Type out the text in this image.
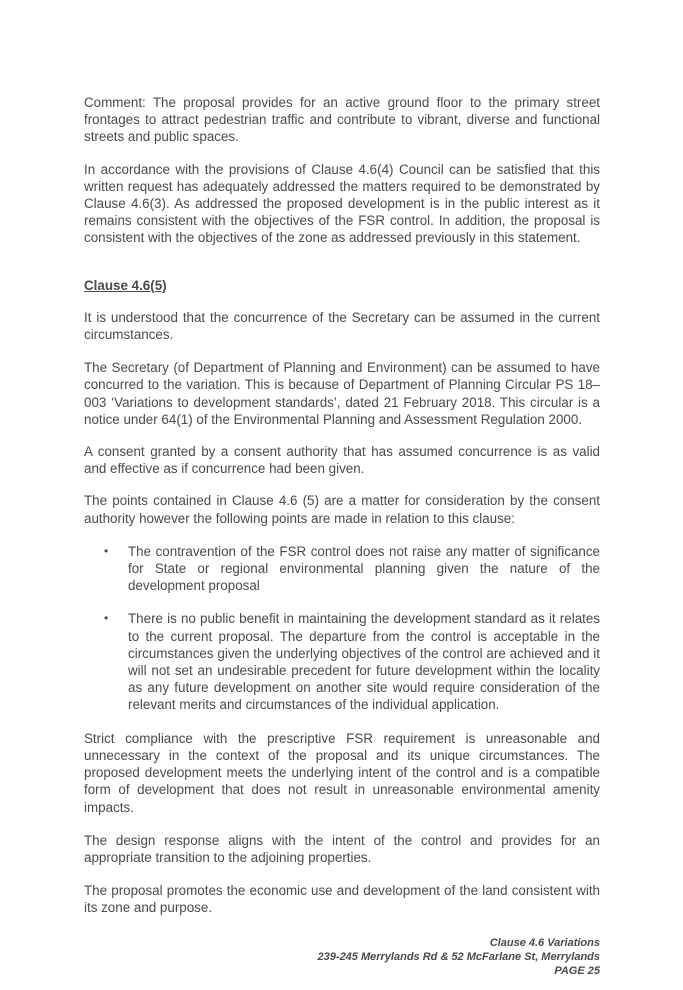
Comment: The proposal provides for an active ground floor to the primary street frontages to attract pedestrian traffic and contribute to vibrant, diverse and functional streets and public spaces.

In accordance with the provisions of Clause 4.6(4) Council can be satisfied that this written request has adequately addressed the matters required to be demonstrated by Clause 4.6(3). As addressed the proposed development is in the public interest as it remains consistent with the objectives of the FSR control. In addition, the proposal is consistent with the objectives of the zone as addressed previously in this statement.

Clause 4.6(5)

It is understood that the concurrence of the Secretary can be assumed in the current circumstances.

The Secretary (of Department of Planning and Environment) can be assumed to have concurred to the variation. This is because of Department of Planning Circular PS 18–003 ‘Variations to development standards’, dated 21 February 2018. This circular is a notice under 64(1) of the Environmental Planning and Assessment Regulation 2000.

A consent granted by a consent authority that has assumed concurrence is as valid and effective as if concurrence had been given.

The points contained in Clause 4.6 (5) are a matter for consideration by the consent authority however the following points are made in relation to this clause:

• The contravention of the FSR control does not raise any matter of significance for State or regional environmental planning given the nature of the development proposal

• There is no public benefit in maintaining the development standard as it relates to the current proposal. The departure from the control is acceptable in the circumstances given the underlying objectives of the control are achieved and it will not set an undesirable precedent for future development within the locality as any future development on another site would require consideration of the relevant merits and circumstances of the individual application.

Strict compliance with the prescriptive FSR requirement is unreasonable and unnecessary in the context of the proposal and its unique circumstances. The proposed development meets the underlying intent of the control and is a compatible form of development that does not result in unreasonable environmental amenity impacts.

The design response aligns with the intent of the control and provides for an appropriate transition to the adjoining properties.

The proposal promotes the economic use and development of the land consistent with its zone and purpose.

Clause 4.6 Variations
239-245 Merrylands Rd & 52 McFarlane St, Merrylands
PAGE 25
